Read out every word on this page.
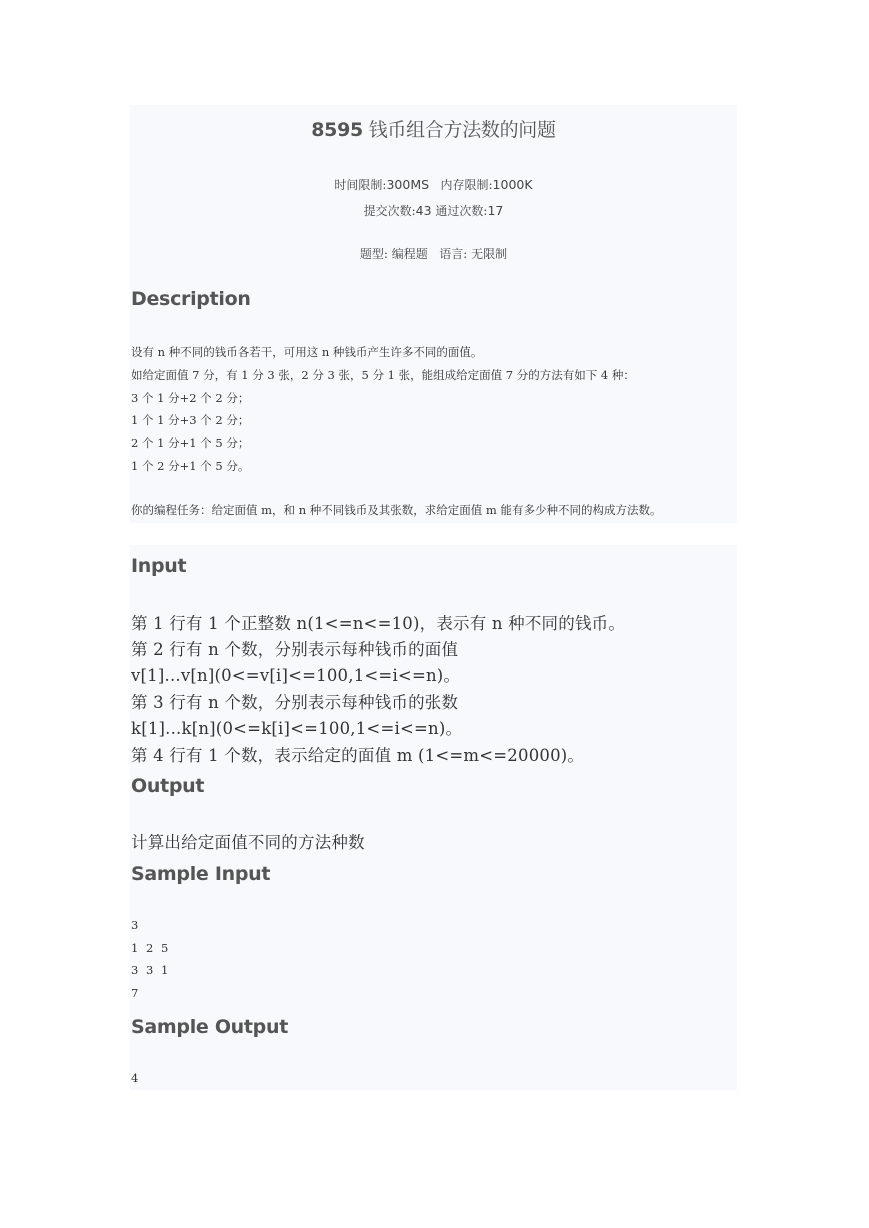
8595 钱币组合方法数的问题
时间限制:300MS 内存限制:1000K
提交次数:43 通过次数:17
题型: 编程题   语言: 无限制
Description
设有 n 种不同的钱币各若干，可用这 n 种钱币产生许多不同的面值。
如给定面值 7 分，有 1 分 3 张，2 分 3 张，5 分 1 张，能组成给定面值 7 分的方法有如下 4 种：
3 个 1 分+2 个 2 分；
1 个 1 分+3 个 2 分；
2 个 1 分+1 个 5 分；
1 个 2 分+1 个 5 分。
你的编程任务：给定面值 m，和 n 种不同钱币及其张数，求给定面值 m 能有多少种不同的构成方法数。
Input
第 1 行有 1 个正整数 n(1<=n<=10)，表示有 n 种不同的钱币。
第 2 行有 n 个数，分别表示每种钱币的面值
v[1]...v[n](0<=v[i]<=100,1<=i<=n)。
第 3 行有 n 个数，分别表示每种钱币的张数
k[1]...k[n](0<=k[i]<=100,1<=i<=n)。
第 4 行有 1 个数，表示给定的面值 m (1<=m<=20000)。
Output
计算出给定面值不同的方法种数
Sample Input
3
1 2 5
3 3 1
7
Sample Output
4
